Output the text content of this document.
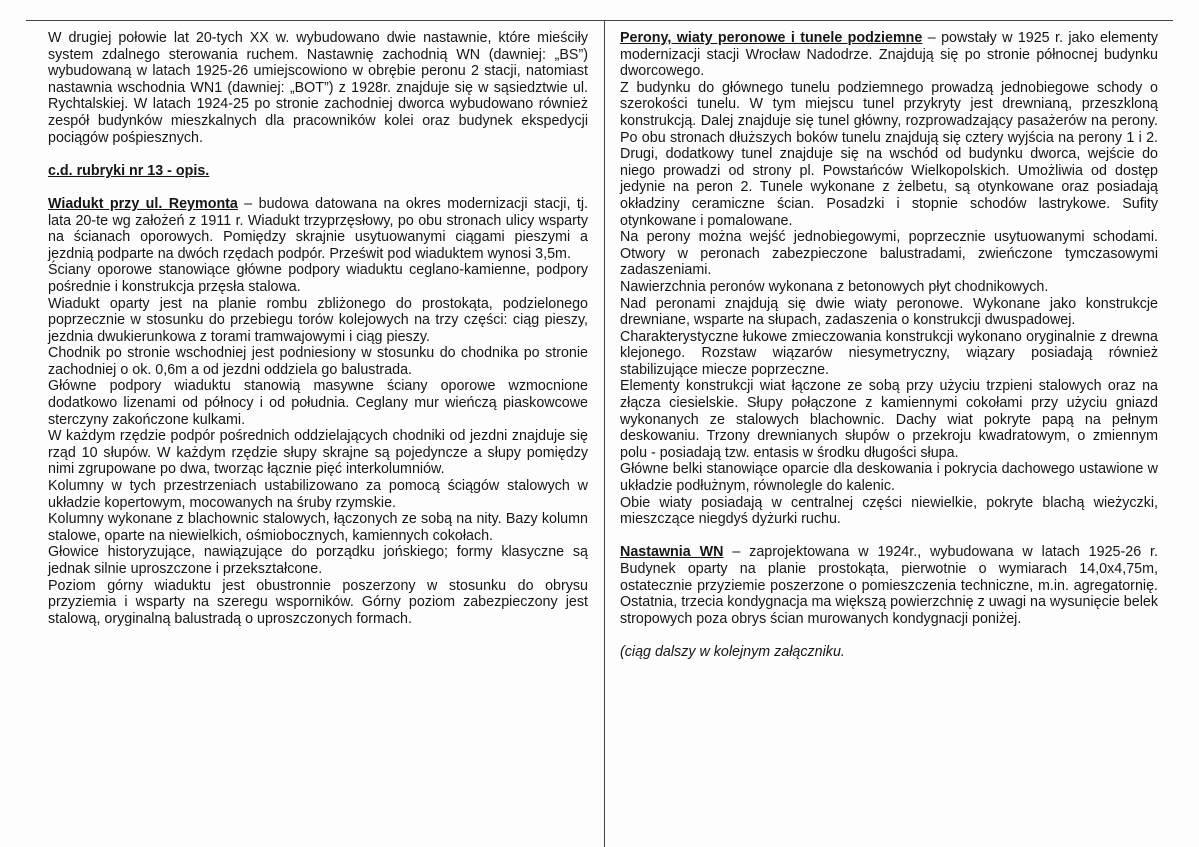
W drugiej połowie lat 20-tych XX w. wybudowano dwie nastawnie, które mieściły system zdalnego sterowania ruchem. Nastawnię zachodnią WN (dawniej: „BS”) wybudowaną w latach 1925-26 umiejscowiono w obrębie peronu 2 stacji, natomiast nastawnia wschodnia WN1 (dawniej: „BOT”) z 1928r. znajduje się w sąsiedztwie ul. Rychtalskiej. W latach 1924-25 po stronie zachodniej dworca wybudowano również zespół budynków mieszkalnych dla pracowników kolei oraz budynek ekspedycji pociągów pośpiesznych.

c.d. rubryki nr 13 - opis.

Wiadukt przy ul. Reymonta – budowa datowana na okres modernizacji stacji, tj. lata 20-te wg założeń z 1911 r. Wiadukt trzyprzęsłowy, po obu stronach ulicy wsparty na ścianach oporowych. Pomiędzy skrajnie usytuowanymi ciągami pieszymi a jezdnią podparte na dwóch rzędach podpór. Prześwit pod wiaduktem wynosi 3,5m.

Ściany oporowe stanowiące główne podpory wiaduktu ceglano-kamienne, podpory pośrednie i konstrukcja przęsła stalowa.

Wiadukt oparty jest na planie rombu zbliżonego do prostokąta, podzielonego poprzecznie w stosunku do przebiegu torów kolejowych na trzy części: ciąg pieszy, jezdnia dwukierunkowa z torami tramwajowymi i ciąg pieszy.

Chodnik po stronie wschodniej jest podniesiony w stosunku do chodnika po stronie zachodniej o ok. 0,6m a od jezdni oddziela go balustrada.

Główne podpory wiaduktu stanowią masywne ściany oporowe wzmocnione dodatkowo lizenami od północy i od południa. Ceglany mur wieńczą piaskowcowe sterczyny zakończone kulkami.

W każdym rzędzie podpór pośrednich oddzielających chodniki od jezdni znajduje się rząd 10 słupów. W każdym rzędzie słupy skrajne są pojedyncze a słupy pomiędzy nimi zgrupowane po dwa, tworząc łącznie pięć interkolumniów.

Kolumny w tych przestrzeniach ustabilizowano za pomocą ściągów stalowych w układzie kopertowym, mocowanych na śruby rzymskie.

Kolumny wykonane z blachownic stalowych, łączonych ze sobą na nity. Bazy kolumn stalowe, oparte na niewielkich, ośmiobocznych, kamiennych cokołach.

Głowice historyzujące, nawiązujące do porządku jońskiego; formy klasyczne są jednak silnie uproszczone i przekształcone.

Poziom górny wiaduktu jest obustronnie poszerzony w stosunku do obrysu przyziemia i wsparty na szeregu wsporników. Górny poziom zabezpieczony jest stalową, oryginalną balustradą o uproszczonych formach.

Perony, wiaty peronowe i tunele podziemne – powstały w 1925 r. jako elementy modernizacji stacji Wrocław Nadodrze. Znajdują się po stronie północnej budynku dworcowego.

Z budynku do głównego tunelu podziemnego prowadzą jednobiegowe schody o szerokości tunelu. W tym miejscu tunel przykryty jest drewnianą, przeszkloną konstrukcją. Dalej znajduje się tunel główny, rozprowadzający pasażerów na perony. Po obu stronach dłuższych boków tunelu znajdują się cztery wyjścia na perony 1 i 2. Drugi, dodatkowy tunel znajduje się na wschód od budynku dworca, wejście do niego prowadzi od strony pl. Powstańców Wielkopolskich. Umożliwia od dostęp jedynie na peron 2. Tunele wykonane z żelbetu, są otynkowane oraz posiadają okładziny ceramiczne ścian. Posadzki i stopnie schodów lastrykowe. Sufity otynkowane i pomalowane.

Na perony można wejść jednobiegowymi, poprzecznie usytuowanymi schodami. Otwory w peronach zabezpieczone balustradami, zwieńczone tymczasowymi zadaszeniami.

Nawierzchnia peronów wykonana z betonowych płyt chodnikowych.

Nad peronami znajdują się dwie wiaty peronowe. Wykonane jako konstrukcje drewniane, wsparte na słupach, zadaszenia o konstrukcji dwuspadowej.

Charakterystyczne łukowe zmieczowania konstrukcji wykonano oryginalnie z drewna klejonego. Rozstaw wiązarów niesymetryczny, wiązary posiadają również stabilizujące miecze poprzeczne.

Elementy konstrukcji wiat łączone ze sobą przy użyciu trzpieni stalowych oraz na złącza ciesielskie. Słupy połączone z kamiennymi cokołami przy użyciu gniazd wykonanych ze stalowych blachownic. Dachy wiat pokryte papą na pełnym deskowaniu. Trzony drewnianych słupów o przekroju kwadratowym, o zmiennym polu - posiadają tzw. entasis w środku długości słupa.

Główne belki stanowiące oparcie dla deskowania i pokrycia dachowego ustawione w układzie podłużnym, równolegle do kalenic.

Obie wiaty posiadają w centralnej części niewielkie, pokryte blachą wieżyczki, mieszczące niegdyś dyżurki ruchu.

Nastawnia WN – zaprojektowana w 1924r., wybudowana w latach 1925-26 r. Budynek oparty na planie prostokąta, pierwotnie o wymiarach 14,0x4,75m, ostatecznie przyziemie poszerzone o pomieszczenia techniczne, m.in. agregatornię. Ostatnia, trzecia kondygnacja ma większą powierzchnię z uwagi na wysunięcie belek stropowych poza obrys ścian murowanych kondygnacji poniżej.

(ciąg dalszy w kolejnym załączniku.
